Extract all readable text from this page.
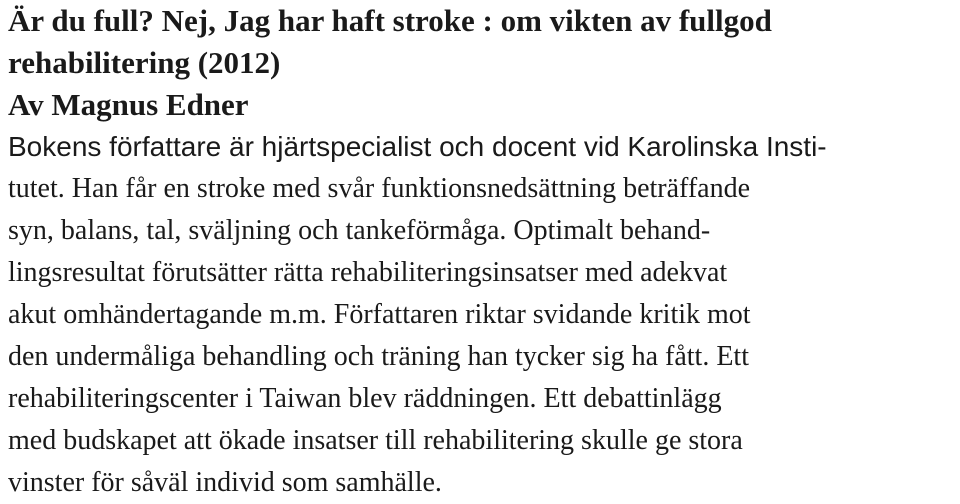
Är du full? Nej, Jag har haft stroke : om vikten av fullgod
rehabilitering (2012)

Av Magnus Edner

Bokens författare är hjärtspecialist och docent vid Karolinska Insti-

tutet. Han får en stroke med svår funktionsnedsättning beträffande

syn, balans, tal, sväljning och tankeförmåga. Optimalt behand-

lingsresultat förutsätter rätta rehabiliteringsinsatser med adekvat

akut omhändertagande m.m. Författaren riktar svidande kritik mot

den undermåliga behandling och träning han tycker sig ha fått. Ett

rehabiliteringscenter i Taiwan blev räddningen. Ett debattinlägg

med budskapet att ökade insatser till rehabilitering skulle ge stora

vinster för såväl individ som samhälle.
